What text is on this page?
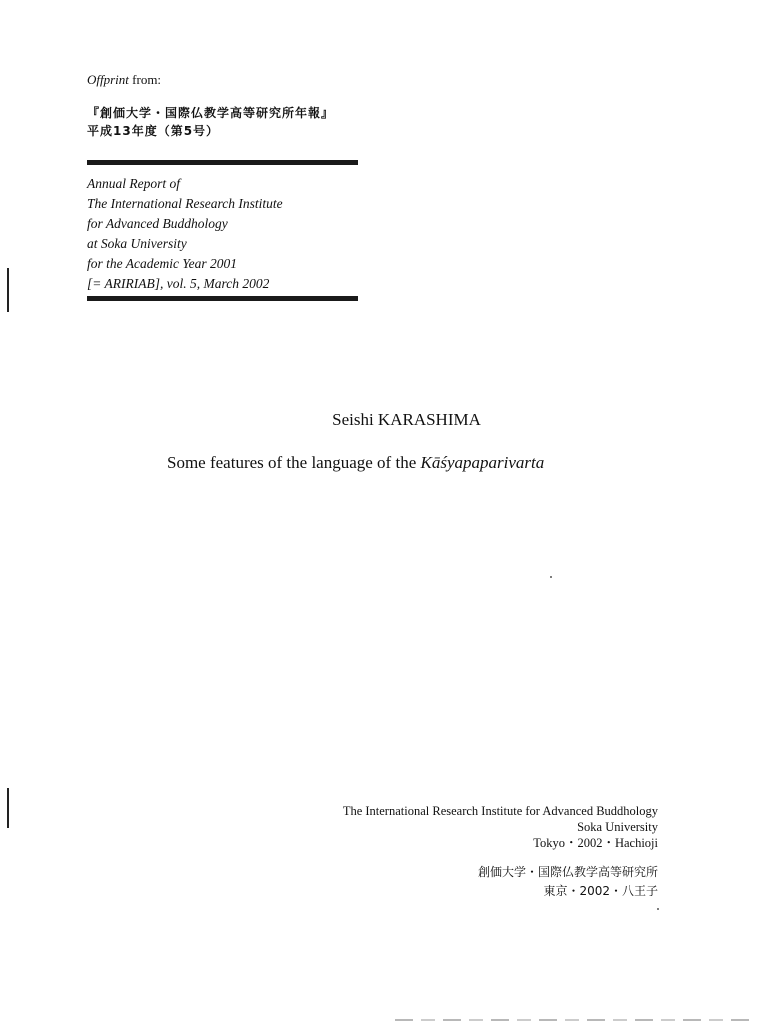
Offprint from:
『創価大学・国際仏教学高等研究所年報』
平成13年度（第5号）
Annual Report of
The International Research Institute
for Advanced Buddhology
at Soka University
for the Academic Year 2001
[= ARIRIAB], vol. 5, March 2002
Seishi KARASHIMA
Some features of the language of the Kāśyapaparivarta
The International Research Institute for Advanced Buddhology
Soka University
Tokyo・2002・Hachioji
創価大学・国際仏教学高等研究所
東京・2002・八王子
